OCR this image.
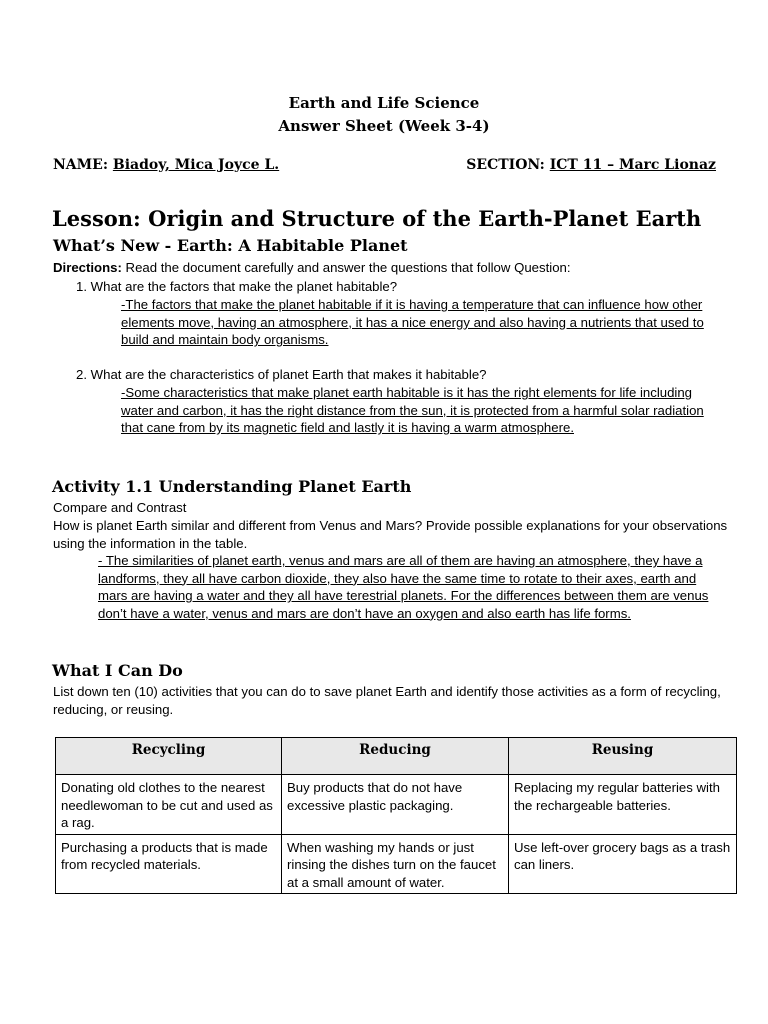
Earth and Life Science
Answer Sheet (Week 3-4)
NAME: Biadoy, Mica Joyce L.	SECTION: ICT 11 – Marc Lionaz
Lesson: Origin and Structure of the Earth-Planet Earth
What’s New - Earth: A Habitable Planet

Directions: Read the document carefully and answer the questions that follow Question:

1. What are the factors that make the planet habitable?

-The factors that make the planet habitable if it is having a temperature that can influence how other elements move, having an atmosphere, it has a nice energy and also having a nutrients that used to build and maintain body organisms.

2. What are the characteristics of planet Earth that makes it habitable?

-Some characteristics that make planet earth habitable is it has the right elements for life including water and carbon, it has the right distance from the sun, it is protected from a harmful solar radiation that cane from by its magnetic field and lastly it is having a warm atmosphere.

Activity 1.1 Understanding Planet Earth

Compare and Contrast

How is planet Earth similar and different from Venus and Mars? Provide possible explanations for your observations using the information in the table.

- The similarities of planet earth, venus and mars are all of them are having an atmosphere, they have a landforms, they all have carbon dioxide, they also have the same time to rotate to their axes, earth and mars are having a water and they all have terestrial planets. For the differences between them are venus don’t have a water, venus and mars are don’t have an oxygen and also earth has life forms.

What I Can Do

List down ten (10) activities that you can do to save planet Earth and identify those activities as a form of recycling, reducing, or reusing.

Recycling	Reducing	Reusing
Donating old clothes to the nearest needlewoman to be cut and used as a rag.	Buy products that do not have excessive plastic packaging.	Replacing my regular batteries with the rechargeable batteries.
Purchasing a products that is made from recycled materials.	When washing my hands or just rinsing the dishes turn on the faucet at a small amount of water.	Use left-over grocery bags as a trash can liners.
